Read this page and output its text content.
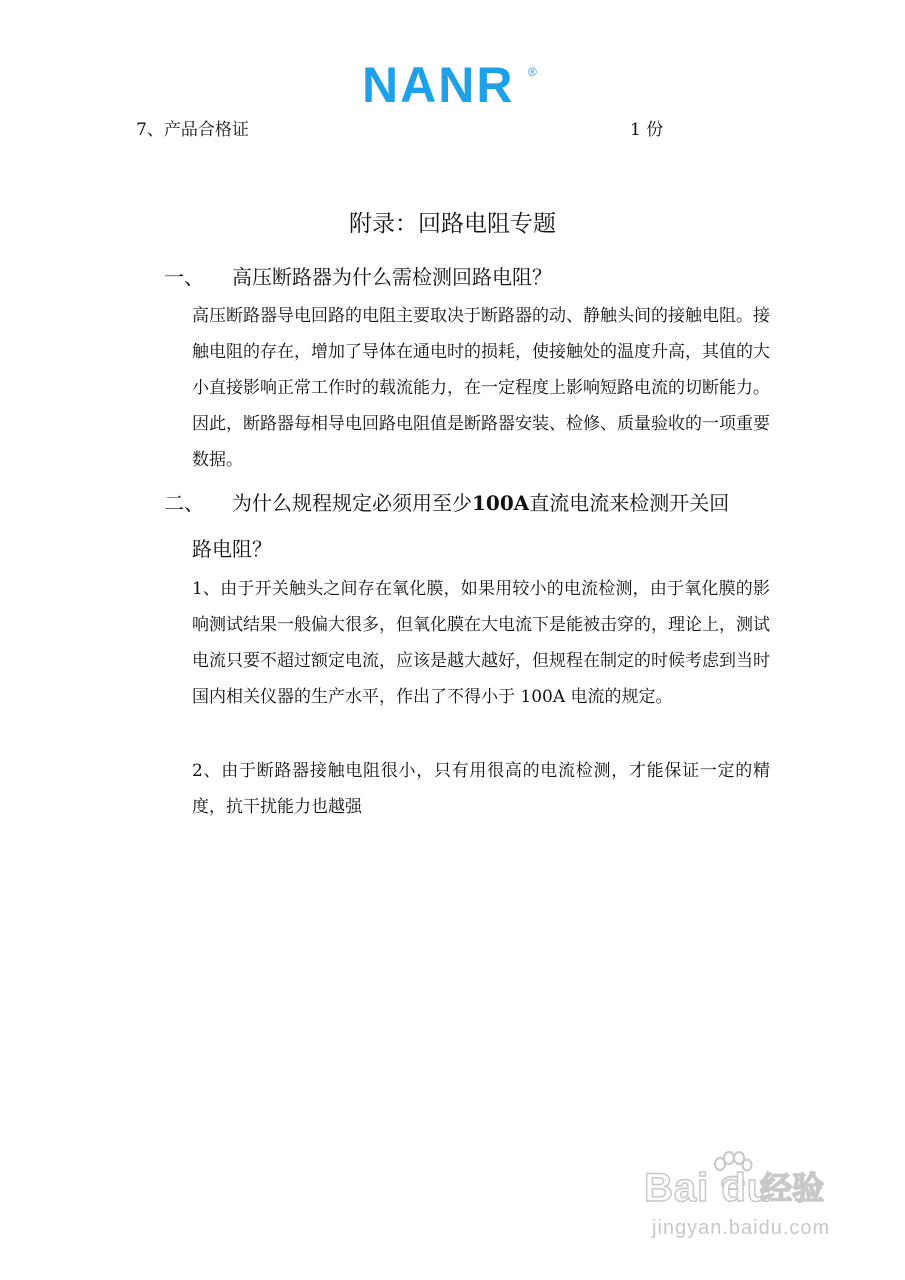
NANR ®
7、产品合格证	1 份
附录：回路电阻专题
一、 高压断路器为什么需检测回路电阻？
高压断路器导电回路的电阻主要取决于断路器的动、静触头间的接触电阻。接触电阻的存在，增加了导体在通电时的损耗，使接触处的温度升高，其值的大小直接影响正常工作时的载流能力，在一定程度上影响短路电流的切断能力。因此，断路器每相导电回路电阻值是断路器安装、检修、质量验收的一项重要数据。
二、 为什么规程规定必须用至少100A直流电流来检测开关回
路电阻？
1、由于开关触头之间存在氧化膜，如果用较小的电流检测，由于氧化膜的影响测试结果一般偏大很多，但氧化膜在大电流下是能被击穿的，理论上，测试电流只要不超过额定电流，应该是越大越好，但规程在制定的时候考虑到当时国内相关仪器的生产水平，作出了不得小于 100A 电流的规定。
2、由于断路器接触电阻很小，只有用很高的电流检测，才能保证一定的精度，抗干扰能力也越强
Bai du
经验
jingyan.baidu.com
